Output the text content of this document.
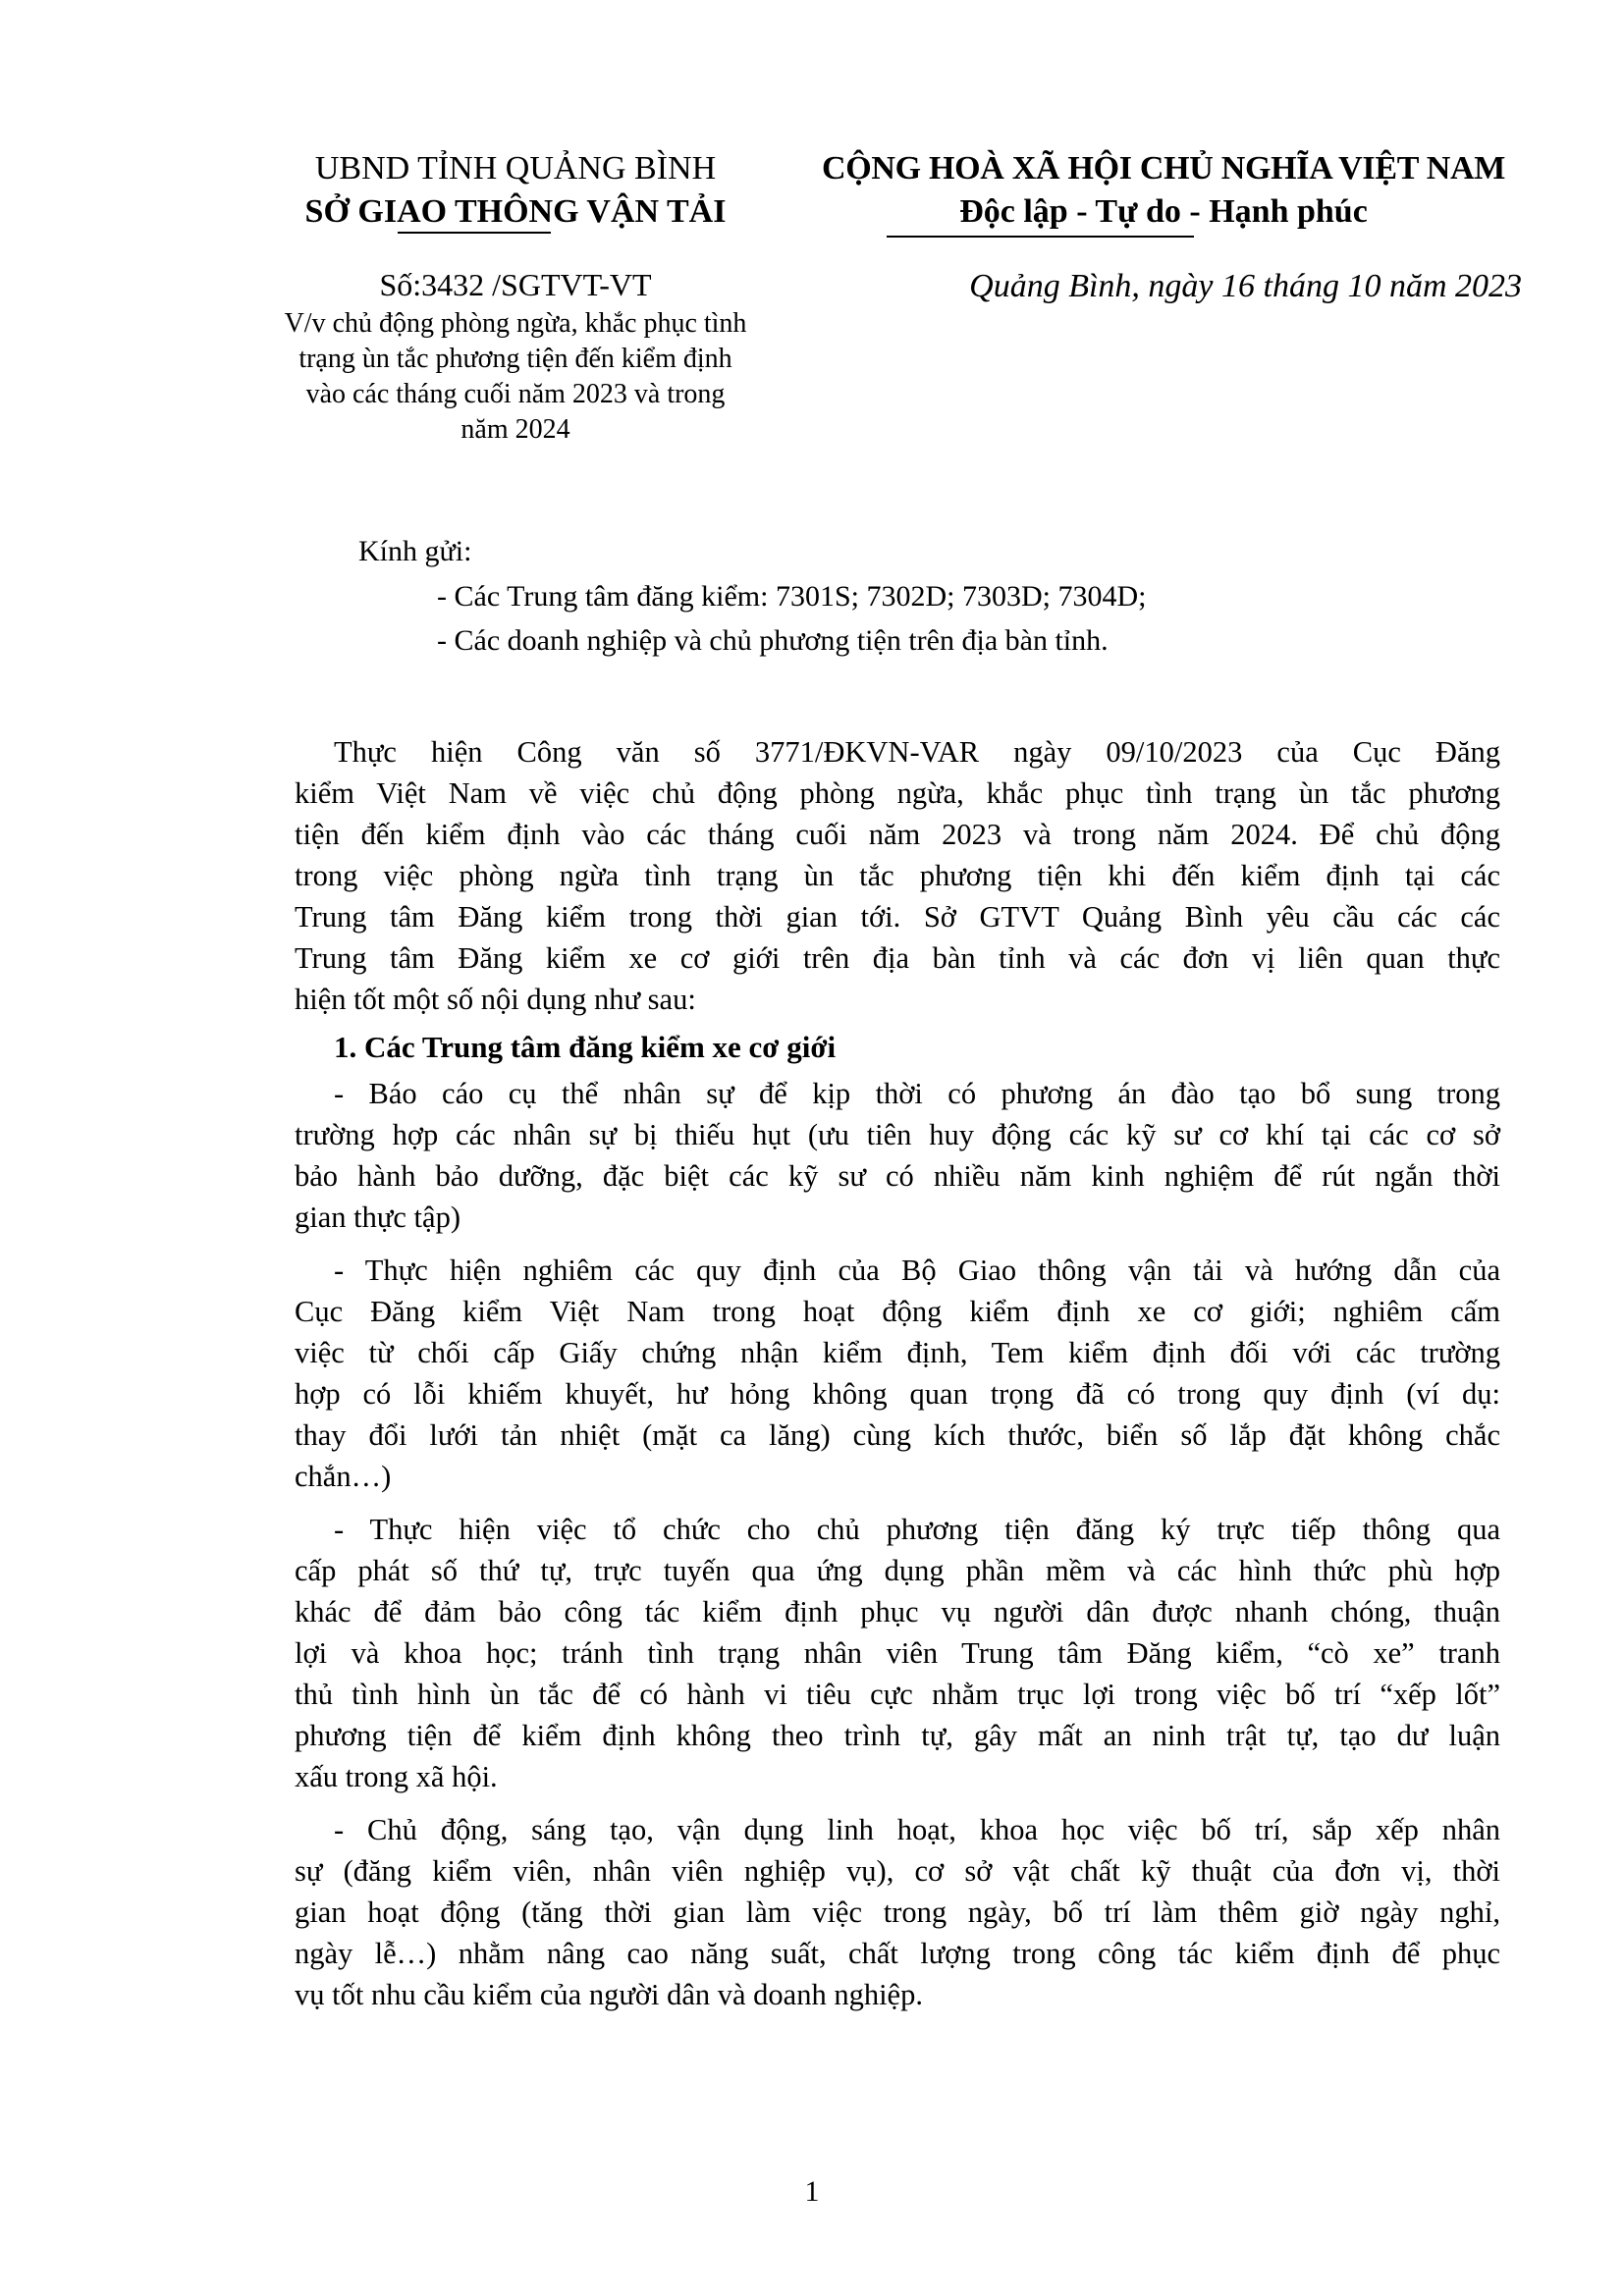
UBND TỈNH QUẢNG BÌNH
SỞ GIAO THÔNG VẬN TẢI
CỘNG HOÀ XÃ HỘI CHỦ NGHĨA VIỆT NAM
Độc lập - Tự do - Hạnh phúc
Số:3432 /SGTVT-VT
V/v chủ động phòng ngừa, khắc phục tình
trạng ùn tắc phương tiện đến kiểm định
vào các tháng cuối năm 2023 và trong
năm 2024
Quảng Bình, ngày 16 tháng 10 năm 2023
Kính gửi:
- Các Trung tâm đăng kiểm: 7301S; 7302D; 7303D; 7304D;
- Các doanh nghiệp và chủ phương tiện trên địa bàn tỉnh.
Thực hiện Công văn số 3771/ĐKVN-VAR ngày 09/10/2023 của Cục Đăng
kiểm Việt Nam về việc chủ động phòng ngừa, khắc phục tình trạng ùn tắc phương
tiện đến kiểm định vào các tháng cuối năm 2023 và trong năm 2024. Để chủ động
trong việc phòng ngừa tình trạng ùn tắc phương tiện khi đến kiểm định tại các
Trung tâm Đăng kiểm trong thời gian tới. Sở GTVT Quảng Bình yêu cầu các các
Trung tâm Đăng kiểm xe cơ giới trên địa bàn tỉnh và các đơn vị liên quan thực
hiện tốt một số nội dụng như sau:
1. Các Trung tâm đăng kiểm xe cơ giới
- Báo cáo cụ thể nhân sự để kịp thời có phương án đào tạo bổ sung trong
trường hợp các nhân sự bị thiếu hụt (ưu tiên huy động các kỹ sư cơ khí tại các cơ sở
bảo hành bảo dưỡng, đặc biệt các kỹ sư có nhiều năm kinh nghiệm để rút ngắn thời
gian thực tập)
- Thực hiện nghiêm các quy định của Bộ Giao thông vận tải và hướng dẫn của
Cục Đăng kiểm Việt Nam trong hoạt động kiểm định xe cơ giới; nghiêm cấm
việc từ chối cấp Giấy chứng nhận kiểm định, Tem kiểm định đối với các trường
hợp có lỗi khiếm khuyết, hư hỏng không quan trọng đã có trong quy định (ví dụ:
thay đổi lưới tản nhiệt (mặt ca lăng) cùng kích thước, biển số lắp đặt không chắc
chắn…)
- Thực hiện việc tổ chức cho chủ phương tiện đăng ký trực tiếp thông qua
cấp phát số thứ tự, trực tuyến qua ứng dụng phần mềm và các hình thức phù hợp
khác để đảm bảo công tác kiểm định phục vụ người dân được nhanh chóng, thuận
lợi và khoa học; tránh tình trạng nhân viên Trung tâm Đăng kiểm, “cò xe” tranh
thủ tình hình ùn tắc để có hành vi tiêu cực nhằm trục lợi trong việc bố trí “xếp lốt”
phương tiện để kiểm định không theo trình tự, gây mất an ninh trật tự, tạo dư luận
xấu trong xã hội.
- Chủ động, sáng tạo, vận dụng linh hoạt, khoa học việc bố trí, sắp xếp nhân
sự (đăng kiểm viên, nhân viên nghiệp vụ), cơ sở vật chất kỹ thuật của đơn vị, thời
gian hoạt động (tăng thời gian làm việc trong ngày, bố trí làm thêm giờ ngày nghỉ,
ngày lễ…) nhằm nâng cao năng suất, chất lượng trong công tác kiểm định để phục
vụ tốt nhu cầu kiểm của người dân và doanh nghiệp.
1
